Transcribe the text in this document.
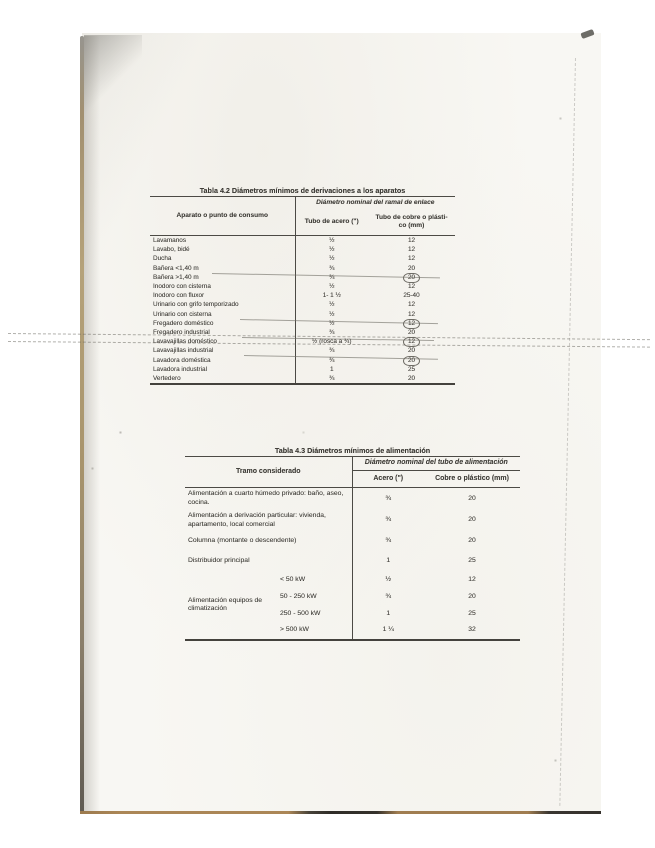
Tabla 4.2 Diámetros mínimos de derivaciones a los aparatos
Aparato o punto de consumo	Diámetro nominal del ramal de enlace	
	Tubo de acero (")	Tubo de cobre o plásti-
co (mm)

Lavamanos	½	12
Lavabo, bidé	½	12
Ducha	½	12
Bañera <1,40 m	¾	20
Bañera >1,40 m	¾	20
Inodoro con cisterna	½	12
Inodoro con fluxor	1- 1 ½	25-40
Urinario con grifo temporizado	½	12
Urinario con cisterna	½	12
Fregadero doméstico	½	12
Fregadero industrial	¾	20
Lavavajillas doméstico	½ (rosca a ¾)	12
Lavavajillas industrial	¾	20
Lavadora doméstica	¾	20
Lavadora industrial	1	25
Vertedero	¾	20
Tabla 4.3 Diámetros mínimos de alimentación
Tramo considerado		Diámetro nominal del tubo de alimentación	
		Acero (")	Cobre o plástico (mm)
Alimentación a cuarto húmedo privado: baño, aseo, cocina.		¾	20
Alimentación a derivación particular: vivienda, apartamento, local comercial		¾	20
Columna (montante o descendente)		¾	20
Distribuidor principal		1	25
Alimentación equipos de climatización	< 50 kW	½	12
	50 - 250 kW	¾	20
	250 - 500 kW	1	25
	> 500 kW	1 ¼	32
